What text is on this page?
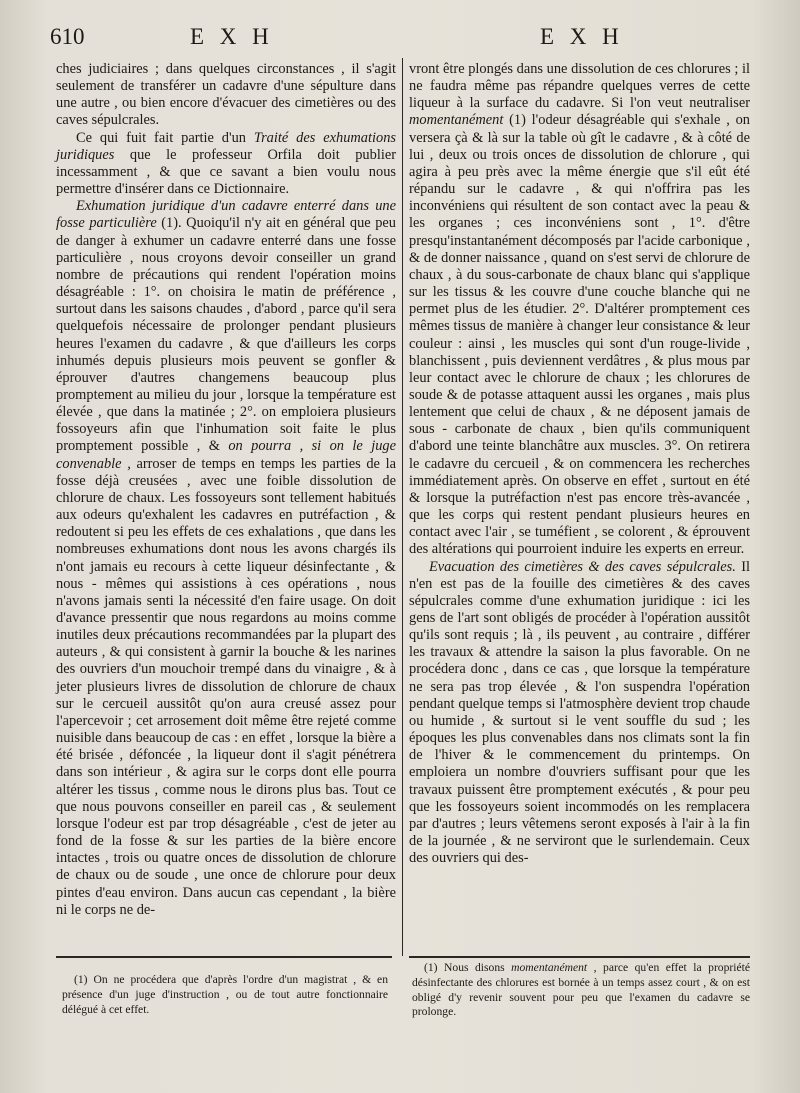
610	E X H	E X H

ches judiciaires ; dans quelques circonstances , il s'agit seulement de transférer un cadavre d'une sépulture dans une autre , ou bien encore d'évacuer des cimetières ou des caves sépulcrales.

Ce qui fuit fait partie d'un Traité des exhumations juridiques que le professeur Orfila doit publier incessamment , & que ce savant a bien voulu nous permettre d'insérer dans ce Dictionnaire.

Exhumation juridique d'un cadavre enterré dans une fosse particulière (1). Quoiqu'il n'y ait en général que peu de danger à exhumer un cadavre enterré dans une fosse particulière , nous croyons devoir conseiller un grand nombre de précautions qui rendent l'opération moins désagréable : 1°. on choisira le matin de préférence , surtout dans les saisons chaudes , d'abord , parce qu'il sera quelquefois nécessaire de prolonger pendant plusieurs heures l'examen du cadavre , & que d'ailleurs les corps inhumés depuis plusieurs mois peuvent se gonfler & éprouver d'autres changemens beaucoup plus promptement au milieu du jour , lorsque la température est élevée , que dans la matinée ; 2°. on emploiera plusieurs fossoyeurs afin que l'inhumation soit faite le plus promptement possible , & on pourra , si on le juge convenable , arroser de temps en temps les parties de la fosse déjà creusées , avec une foible dissolution de chlorure de chaux. Les fossoyeurs sont tellement habitués aux odeurs qu'exhalent les cadavres en putréfaction , & redoutent si peu les effets de ces exhalations , que dans les nombreuses exhumations dont nous les avons chargés ils n'ont jamais eu recours à cette liqueur désinfectante , & nous - mêmes qui assistions à ces opérations , nous n'avons jamais senti la nécessité d'en faire usage. On doit d'avance pressentir que nous regardons au moins comme inutiles deux précautions recommandées par la plupart des auteurs , & qui consistent à garnir la bouche & les narines des ouvriers d'un mouchoir trempé dans du vinaigre , & à jeter plusieurs livres de dissolution de chlorure de chaux sur le cercueil aussitôt qu'on aura creusé assez pour l'apercevoir ; cet arrosement doit même être rejeté comme nuisible dans beaucoup de cas : en effet , lorsque la bière a été brisée , défoncée , la liqueur dont il s'agit pénétrera dans son intérieur , & agira sur le corps dont elle pourra altérer les tissus , comme nous le dirons plus bas. Tout ce que nous pouvons conseiller en pareil cas , & seulement lorsque l'odeur est par trop désagréable , c'est de jeter au fond de la fosse & sur les parties de la bière encore intactes , trois ou quatre onces de dissolution de chlorure de chaux ou de soude , une once de chlorure pour deux pintes d'eau environ. Dans aucun cas cependant , la bière ni le corps ne de-

vront être plongés dans une dissolution de ces chlorures ; il ne faudra même pas répandre quelques verres de cette liqueur à la surface du cadavre. Si l'on veut neutraliser momentanément (1) l'odeur désagréable qui s'exhale , on versera çà & là sur la table où gît le cadavre , & à côté de lui , deux ou trois onces de dissolution de chlorure , qui agira à peu près avec la même énergie que s'il eût été répandu sur le cadavre , & qui n'offrira pas les inconvéniens qui résultent de son contact avec la peau & les organes ; ces inconvéniens sont , 1°. d'être presqu'instantanément décomposés par l'acide carbonique , & de donner naissance , quand on s'est servi de chlorure de chaux , à du sous-carbonate de chaux blanc qui s'applique sur les tissus & les couvre d'une couche blanche qui ne permet plus de les étudier. 2°. D'altérer promptement ces mêmes tissus de manière à changer leur consistance & leur couleur : ainsi , les muscles qui sont d'un rouge-livide , blanchissent , puis deviennent verdâtres , & plus mous par leur contact avec le chlorure de chaux ; les chlorures de soude & de potasse attaquent aussi les organes , mais plus lentement que celui de chaux , & ne déposent jamais de sous - carbonate de chaux , bien qu'ils communiquent d'abord une teinte blanchâtre aux muscles. 3°. On retirera le cadavre du cercueil , & on commencera les recherches immédiatement après. On observe en effet , surtout en été & lorsque la putréfaction n'est pas encore très-avancée , que les corps qui restent pendant plusieurs heures en contact avec l'air , se tuméfient , se colorent , & éprouvent des altérations qui pourroient induire les experts en erreur.

Evacuation des cimetières & des caves sépulcrales. Il n'en est pas de la fouille des cimetières & des caves sépulcrales comme d'une exhumation juridique : ici les gens de l'art sont obligés de procéder à l'opération aussitôt qu'ils sont requis ; là , ils peuvent , au contraire , différer les travaux & attendre la saison la plus favorable. On ne procédera donc , dans ce cas , que lorsque la température ne sera pas trop élevée , & l'on suspendra l'opération pendant quelque temps si l'atmosphère devient trop chaude ou humide , & surtout si le vent souffle du sud ; les époques les plus convenables dans nos climats sont la fin de l'hiver & le commencement du printemps. On emploiera un nombre d'ouvriers suffisant pour que les travaux puissent être promptement exécutés , & pour peu que les fossoyeurs soient incommodés on les remplacera par d'autres ; leurs vêtemens seront exposés à l'air à la fin de la journée , & ne serviront que le surlendemain. Ceux des ouvriers qui des-

(1) On ne procédera que d'après l'ordre d'un magistrat , & en présence d'un juge d'instruction , ou de tout autre fonctionnaire délégué à cet effet.

(1) Nous disons momentanément , parce qu'en effet la propriété désinfectante des chlorures est bornée à un temps assez court , & on est obligé d'y revenir souvent pour peu que l'examen du cadavre se prolonge.
